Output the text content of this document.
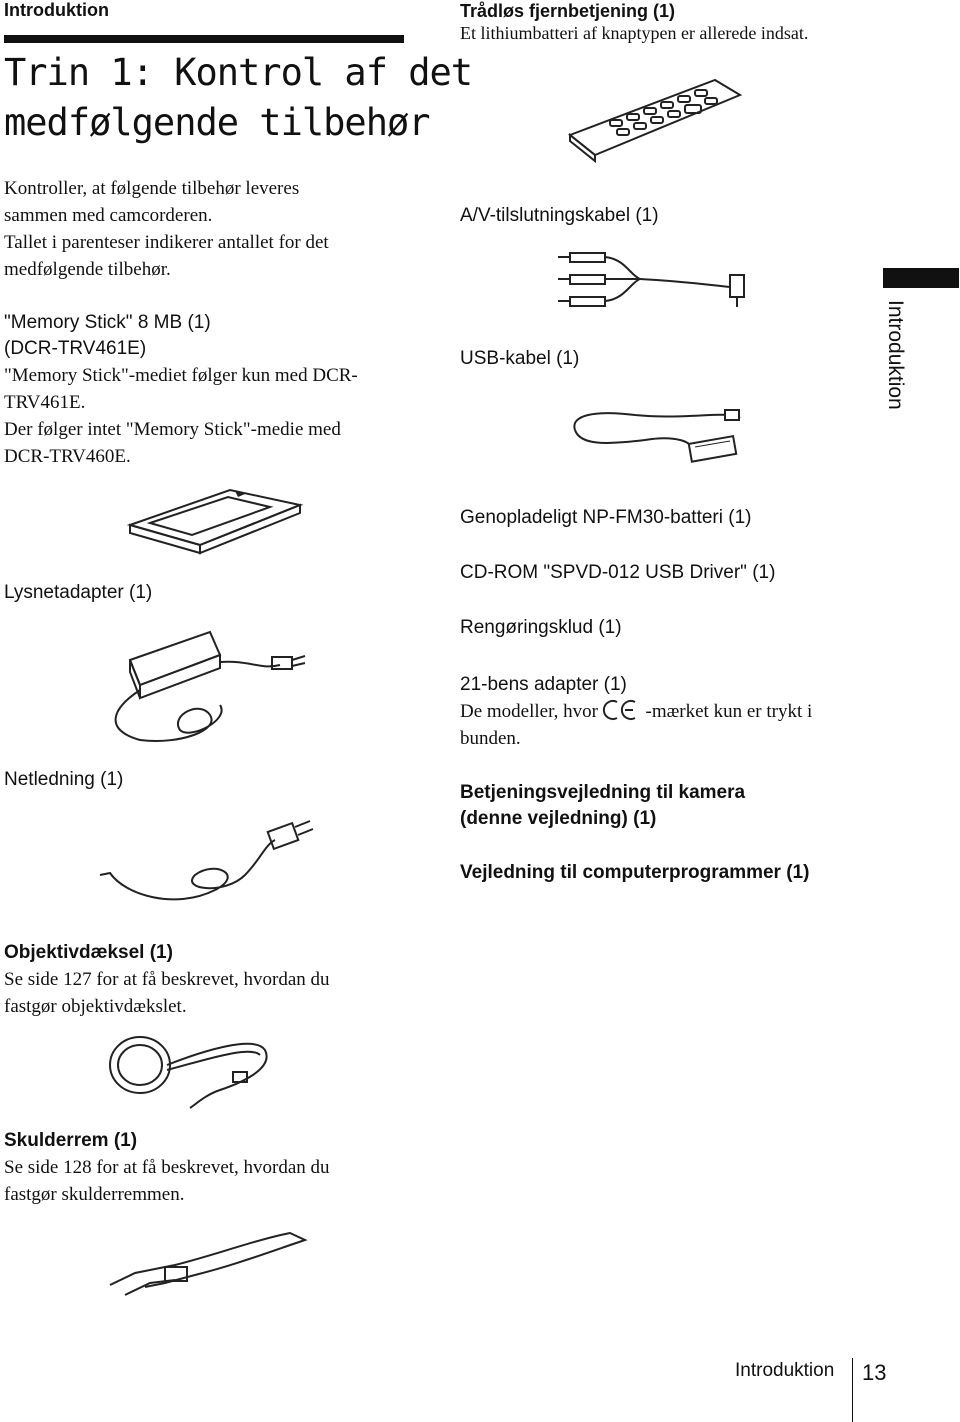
Introduktion
Trin 1: Kontrol af det
medfølgende tilbehør
Kontroller, at følgende tilbehør leveres
sammen med camcorderen.
Tallet i parenteser indikerer antallet for det
medfølgende tilbehør.
"Memory Stick" 8 MB (1)
(DCR-TRV461E)
"Memory Stick"-mediet følger kun med DCR-
TRV461E.
Der følger intet "Memory Stick"-medie med
DCR-TRV460E.
Lysnetadapter (1)
Netledning (1)
Objektivdæksel (1)
Se side 127 for at få beskrevet, hvordan du
fastgør objektivdækslet.
Skulderrem (1)
Se side 128 for at få beskrevet, hvordan du
fastgør skulderremmen.
Trådløs fjernbetjening (1)
Et lithiumbatteri af knaptypen er allerede indsat.
A/V-tilslutningskabel (1)
USB-kabel (1)	Introduktion
Genopladeligt NP-FM30-batteri (1)
CD-ROM "SPVD-012 USB Driver" (1)
Rengøringsklud (1)
21-bens adapter (1)
De modeller, hvor	-mærket kun er trykt i
bunden.
Betjeningsvejledning til kamera
(denne vejledning) (1)
Vejledning til computerprogrammer (1)
Introduktion 13
